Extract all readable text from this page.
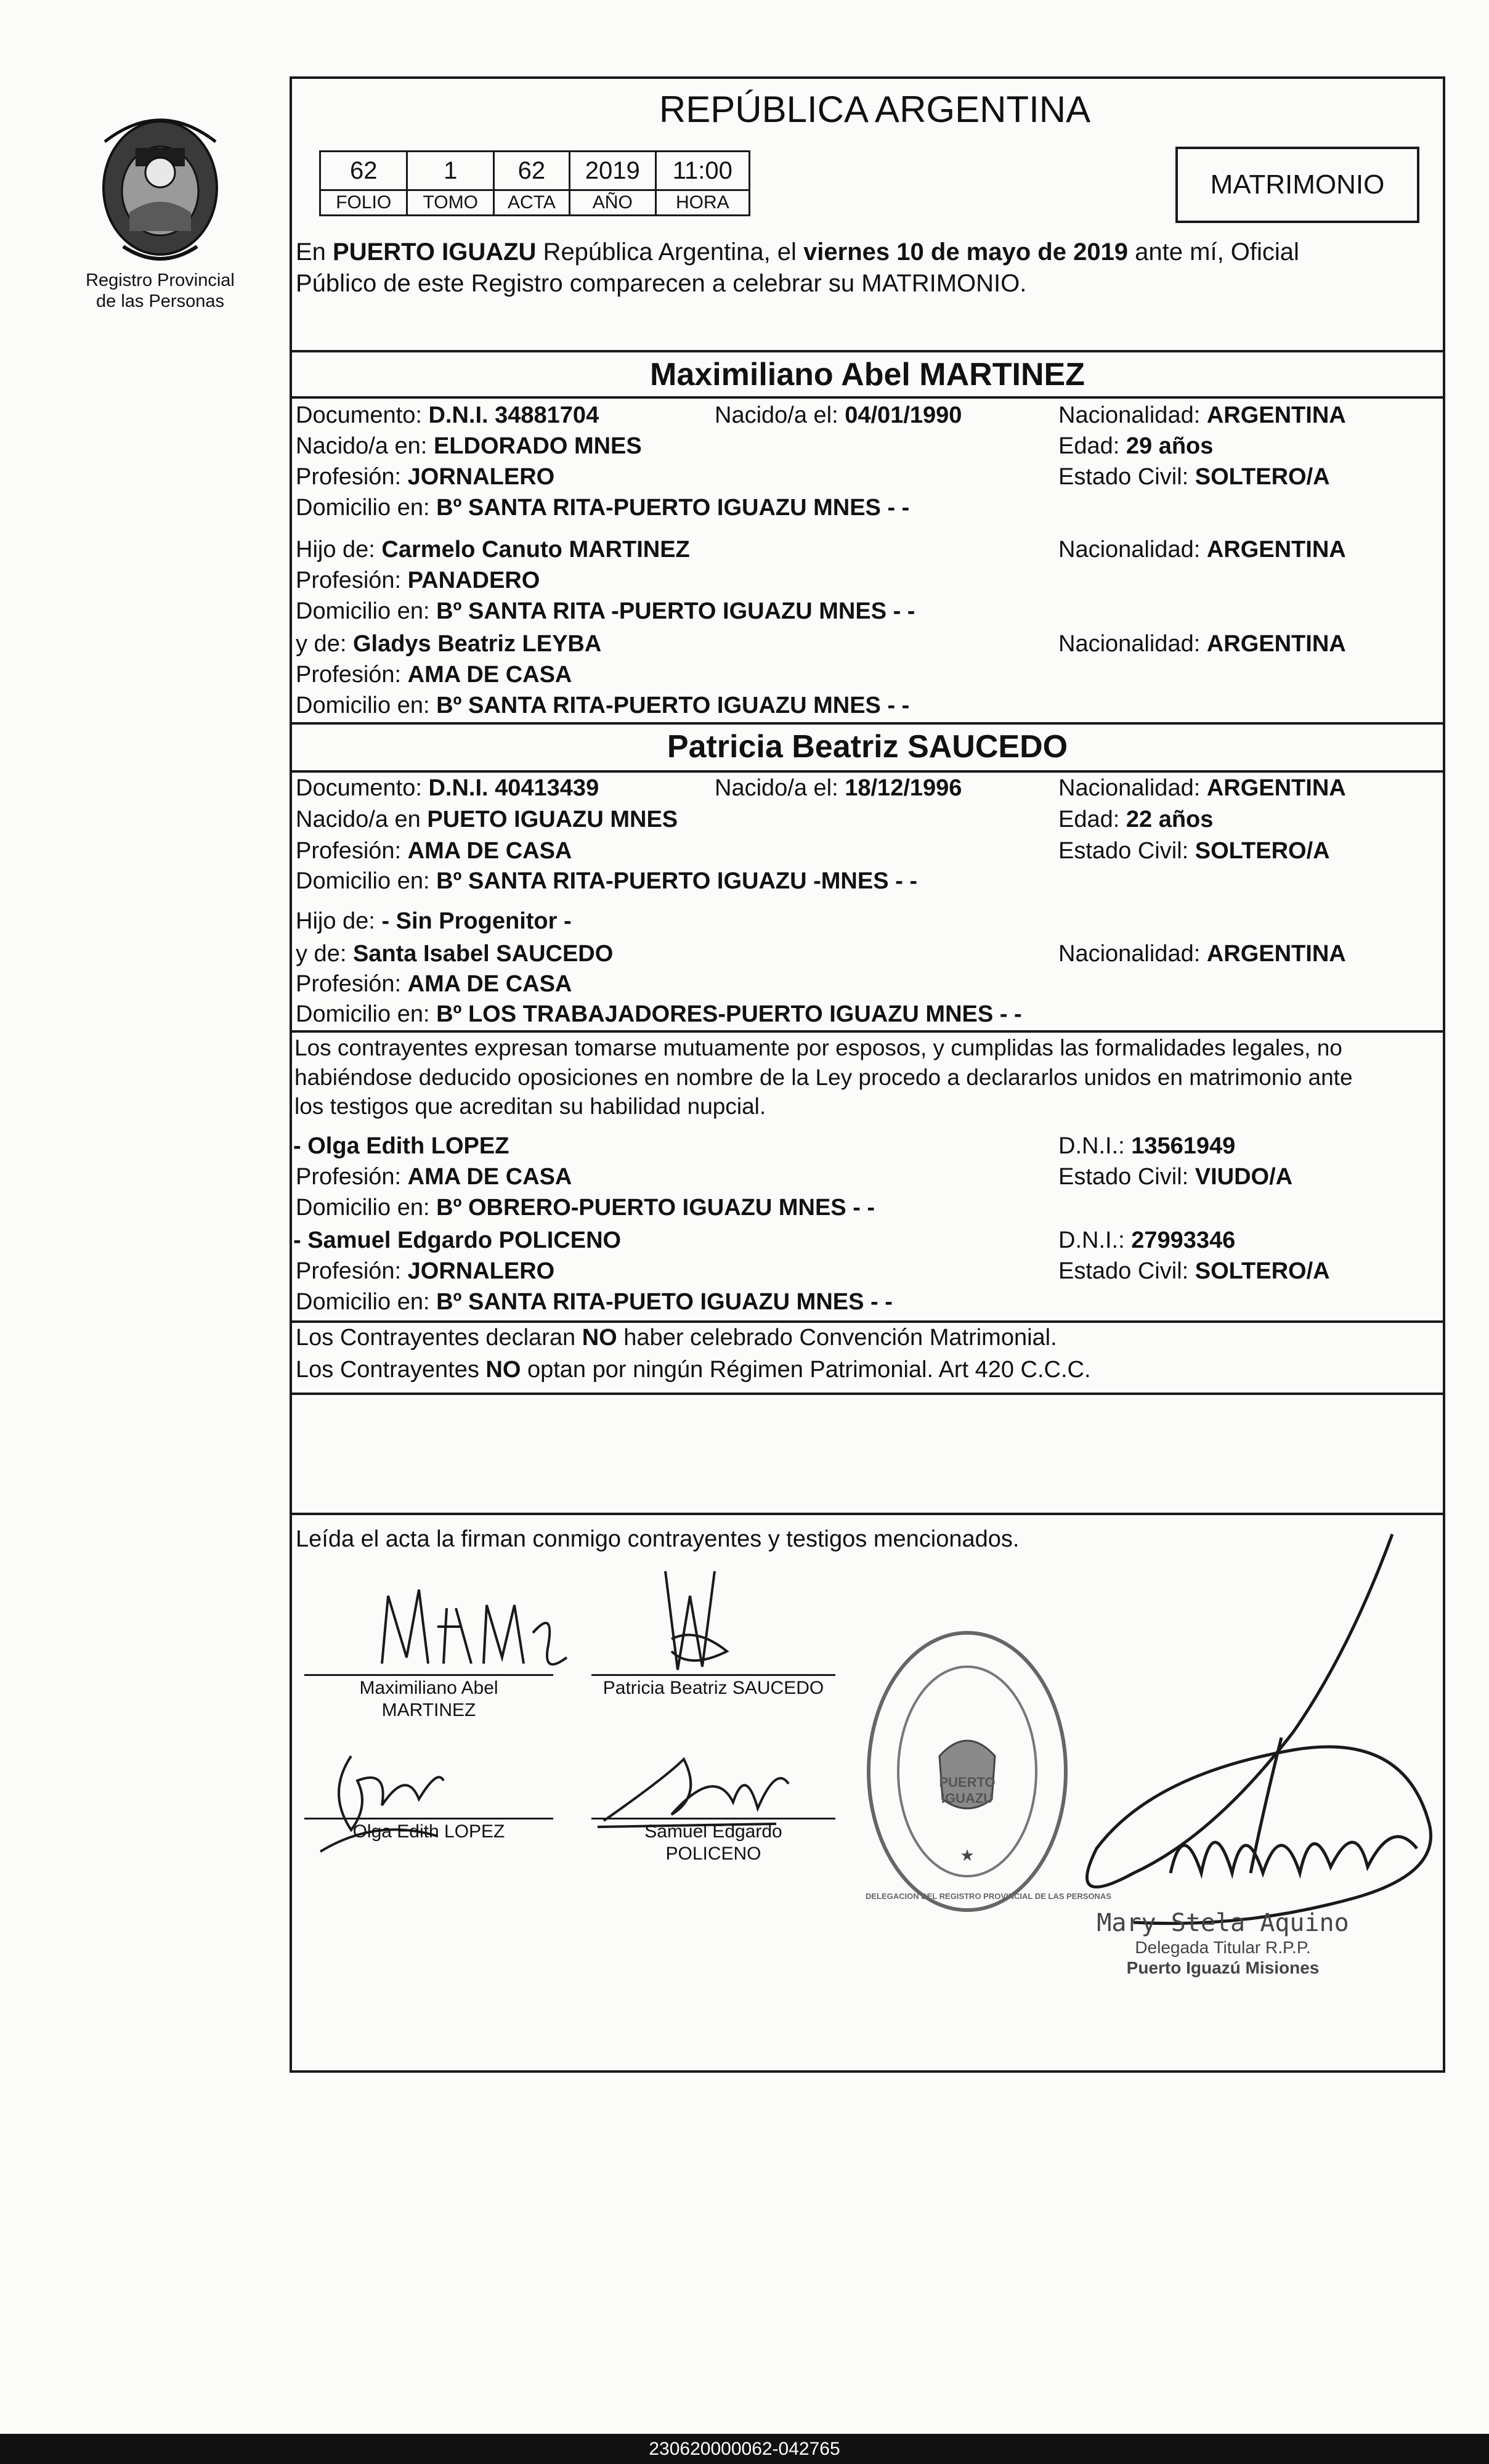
Registro Provincial
de las Personas
REPÚBLICA ARGENTINA
62	1	62	2019	11:00
FOLIO	TOMO	ACTA	AÑO	HORA
MATRIMONIO
En PUERTO IGUAZU República Argentina, el viernes 10 de mayo de 2019 ante mí, Oficial
Público de este Registro comparecen a celebrar su MATRIMONIO.
Maximiliano Abel MARTINEZ
Documento: D.N.I. 34881704	Nacido/a el: 04/01/1990	Nacionalidad: ARGENTINA
Nacido/a en: ELDORADO MNES	Edad: 29 años
Profesión: JORNALERO	Estado Civil: SOLTERO/A
Domicilio en: Bº SANTA RITA-PUERTO IGUAZU MNES - -
Hijo de: Carmelo Canuto MARTINEZ	Nacionalidad: ARGENTINA
Profesión: PANADERO
Domicilio en: Bº SANTA RITA -PUERTO IGUAZU MNES - -
y de: Gladys Beatriz LEYBA	Nacionalidad: ARGENTINA
Profesión: AMA DE CASA
Domicilio en: Bº SANTA RITA-PUERTO IGUAZU MNES - -
Patricia Beatriz SAUCEDO
Documento: D.N.I. 40413439	Nacido/a el: 18/12/1996	Nacionalidad: ARGENTINA
Nacido/a en PUETO IGUAZU MNES	Edad: 22 años
Profesión: AMA DE CASA	Estado Civil: SOLTERO/A
Domicilio en: Bº SANTA RITA-PUERTO IGUAZU -MNES - -
Hijo de: - Sin Progenitor -
y de: Santa Isabel SAUCEDO	Nacionalidad: ARGENTINA
Profesión: AMA DE CASA
Domicilio en: Bº LOS TRABAJADORES-PUERTO IGUAZU MNES - -
Los contrayentes expresan tomarse mutuamente por esposos, y cumplidas las formalidades legales, no
habiéndose deducido oposiciones en nombre de la Ley procedo a declararlos unidos en matrimonio ante
los testigos que acreditan su habilidad nupcial.
- Olga Edith LOPEZ	D.N.I.: 13561949
Profesión: AMA DE CASA	Estado Civil: VIUDO/A
Domicilio en: Bº OBRERO-PUERTO IGUAZU MNES - -
- Samuel Edgardo POLICENO	D.N.I.: 27993346
Profesión: JORNALERO	Estado Civil: SOLTERO/A
Domicilio en: Bº SANTA RITA-PUETO IGUAZU MNES - -
Los Contrayentes declaran NO haber celebrado Convención Matrimonial.
Los Contrayentes NO optan por ningún Régimen Patrimonial. Art 420 C.C.C.
Leída el acta la firman conmigo contrayentes y testigos mencionados.
Maximiliano Abel
MARTINEZ
Patricia Beatriz SAUCEDO
Olga Edith LOPEZ	Samuel Edgardo
POLICENO	★
PUERTO
IGUAZU
DELEGACION DEL REGISTRO PROVINCIAL DE LAS PERSONAS
Mary Stela Aquino
Delegada Titular R.P.P.
Puerto Iguazú Misiones
230620000062-042765
